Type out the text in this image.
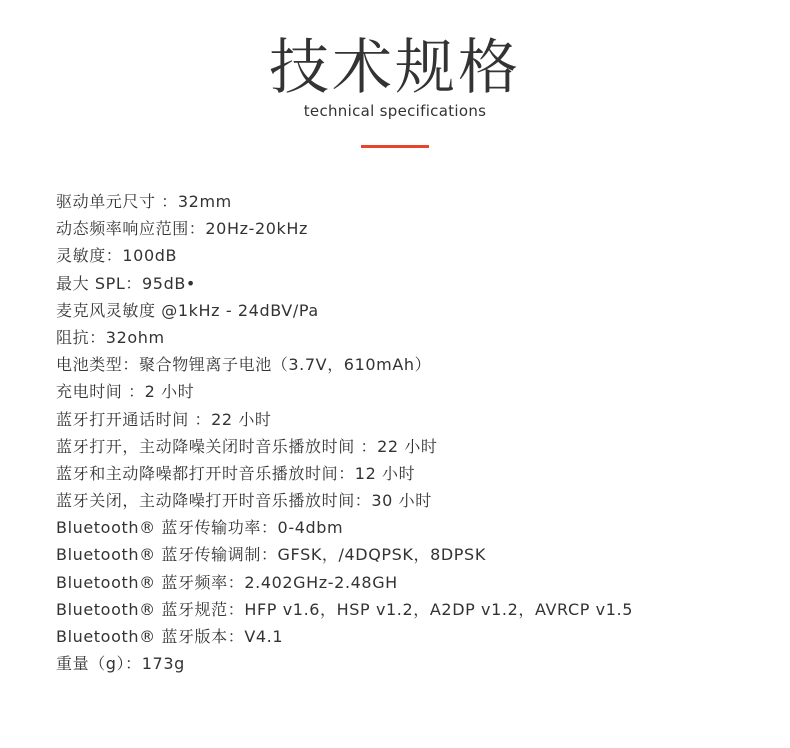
技术规格
technical specifications
驱动单元尺寸 ：32mm
动态频率响应范围：20Hz-20kHz
灵敏度：100dB
最大 SPL：95dB•
麦克风灵敏度 @1kHz - 24dBV/Pa
阻抗：32ohm
电池类型：聚合物锂离子电池（3.7V，610mAh）
充电时间 ：2 小时
蓝牙打开通话时间 ：22 小时
蓝牙打开，主动降噪关闭时音乐播放时间 ：22 小时
蓝牙和主动降噪都打开时音乐播放时间：12 小时
蓝牙关闭，主动降噪打开时音乐播放时间：30 小时
Bluetooth® 蓝牙传输功率：0-4dbm
Bluetooth® 蓝牙传输调制：GFSK，/4DQPSK，8DPSK
Bluetooth® 蓝牙频率：2.402GHz-2.48GH
Bluetooth® 蓝牙规范：HFP v1.6，HSP v1.2，A2DP v1.2，AVRCP v1.5
Bluetooth® 蓝牙版本：V4.1
重量（g）：173g
